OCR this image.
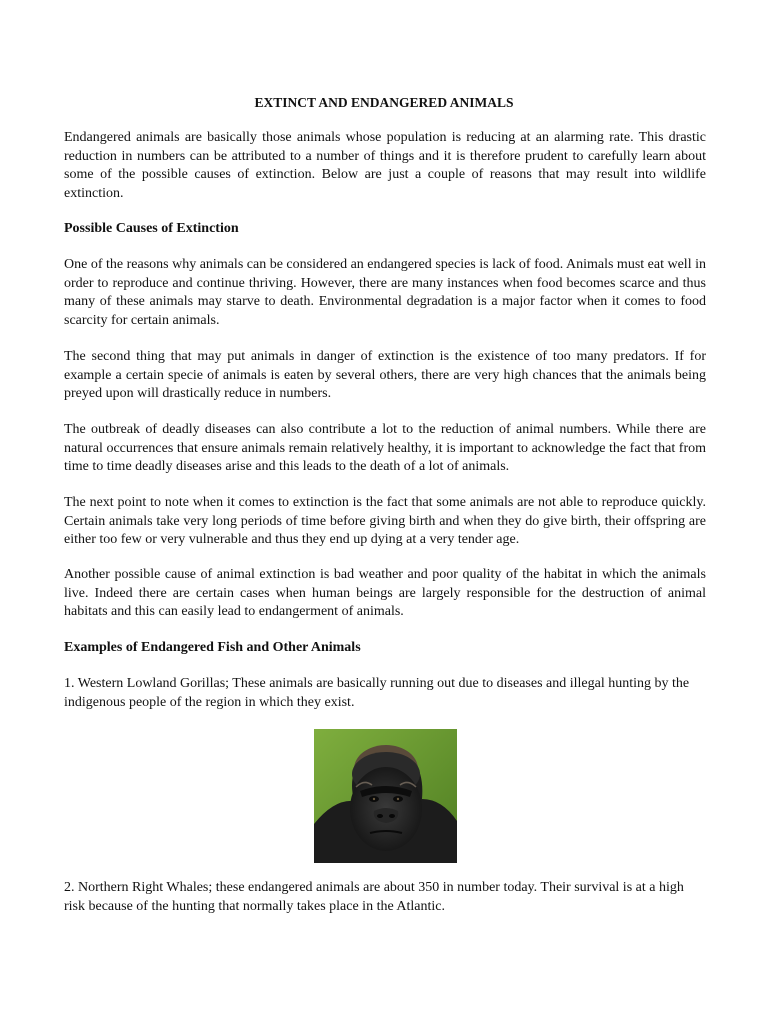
EXTINCT AND ENDANGERED ANIMALS

Endangered animals are basically those animals whose population is reducing at an alarming rate. This drastic reduction in numbers can be attributed to a number of things and it is therefore prudent to carefully learn about some of the possible causes of extinction. Below are just a couple of reasons that may result into wildlife extinction.

Possible Causes of Extinction

One of the reasons why animals can be considered an endangered species is lack of food. Animals must eat well in order to reproduce and continue thriving. However, there are many instances when food becomes scarce and thus many of these animals may starve to death. Environmental degradation is a major factor when it comes to food scarcity for certain animals.

The second thing that may put animals in danger of extinction is the existence of too many predators. If for example a certain specie of animals is eaten by several others, there are very high chances that the animals being preyed upon will drastically reduce in numbers.

The outbreak of deadly diseases can also contribute a lot to the reduction of animal numbers. While there are natural occurrences that ensure animals remain relatively healthy, it is important to acknowledge the fact that from time to time deadly diseases arise and this leads to the death of a lot of animals.

The next point to note when it comes to extinction is the fact that some animals are not able to reproduce quickly. Certain animals take very long periods of time before giving birth and when they do give birth, their offspring are either too few or very vulnerable and thus they end up dying at a very tender age.

Another possible cause of animal extinction is bad weather and poor quality of the habitat in which the animals live. Indeed there are certain cases when human beings are largely responsible for the destruction of animal habitats and this can easily lead to endangerment of animals.

Examples of Endangered Fish and Other Animals

1. Western Lowland Gorillas; These animals are basically running out due to diseases and illegal hunting by the indigenous people of the region in which they exist.

2. Northern Right Whales; these endangered animals are about 350 in number today. Their survival is at a high risk because of the hunting that normally takes place in the Atlantic.
